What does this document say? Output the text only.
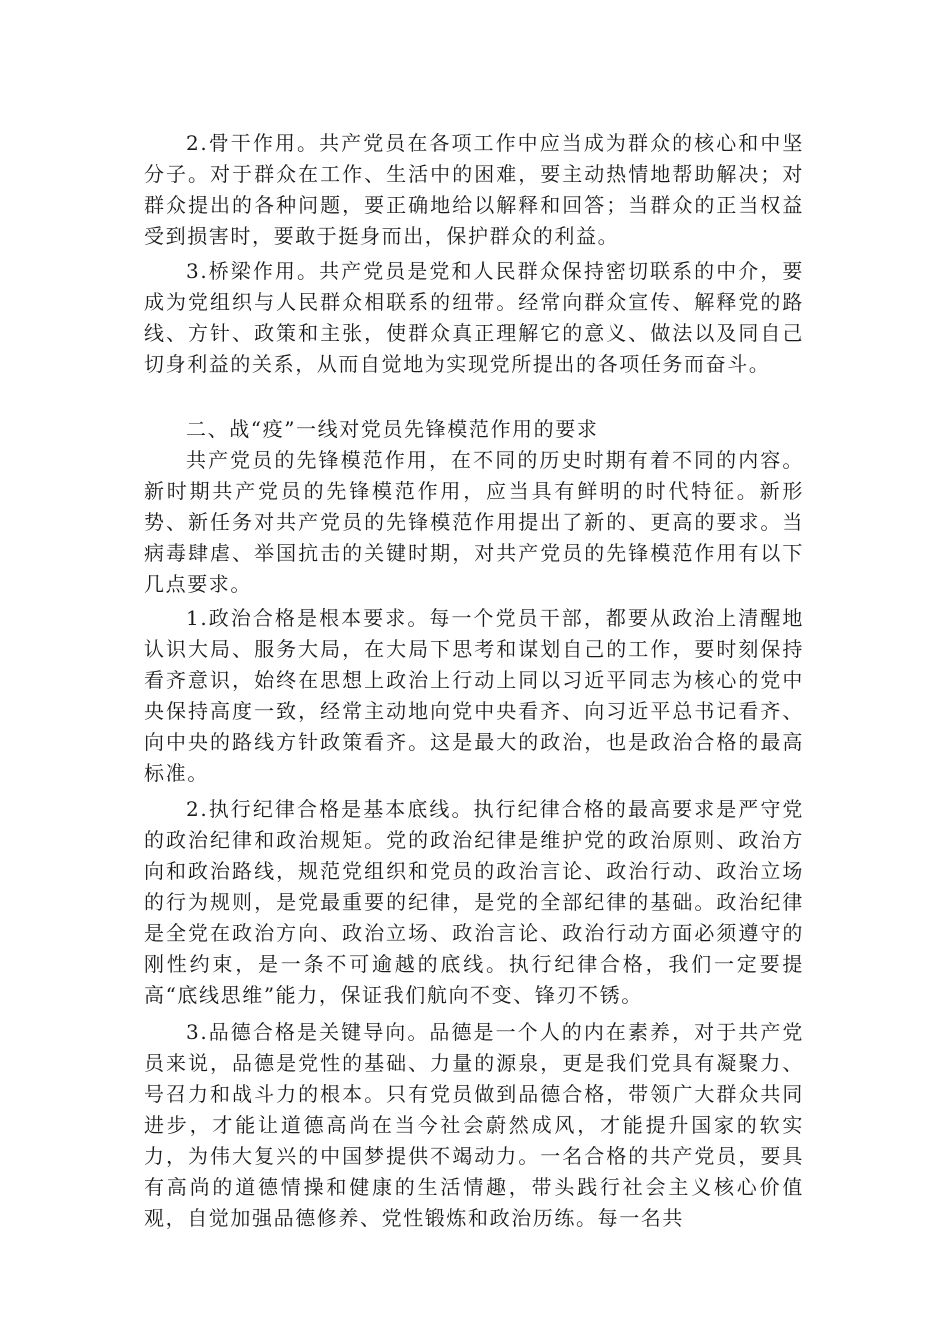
2.骨干作用。共产党员在各项工作中应当成为群众的核心和中坚分子。对于群众在工作、生活中的困难，要主动热情地帮助解决；对群众提出的各种问题，要正确地给以解释和回答；当群众的正当权益受到损害时，要敢于挺身而出，保护群众的利益。

3.桥梁作用。共产党员是党和人民群众保持密切联系的中介，要成为党组织与人民群众相联系的纽带。经常向群众宣传、解释党的路线、方针、政策和主张，使群众真正理解它的意义、做法以及同自己切身利益的关系，从而自觉地为实现党所提出的各项任务而奋斗。

二、战“疫”一线对党员先锋模范作用的要求

共产党员的先锋模范作用，在不同的历史时期有着不同的内容。新时期共产党员的先锋模范作用，应当具有鲜明的时代特征。新形势、新任务对共产党员的先锋模范作用提出了新的、更高的要求。当病毒肆虐、举国抗击的关键时期，对共产党员的先锋模范作用有以下几点要求。

1.政治合格是根本要求。每一个党员干部，都要从政治上清醒地认识大局、服务大局，在大局下思考和谋划自己的工作，要时刻保持看齐意识，始终在思想上政治上行动上同以习近平同志为核心的党中央保持高度一致，经常主动地向党中央看齐、向习近平总书记看齐、向中央的路线方针政策看齐。这是最大的政治，也是政治合格的最高标准。

2.执行纪律合格是基本底线。执行纪律合格的最高要求是严守党的政治纪律和政治规矩。党的政治纪律是维护党的政治原则、政治方向和政治路线，规范党组织和党员的政治言论、政治行动、政治立场的行为规则，是党最重要的纪律，是党的全部纪律的基础。政治纪律是全党在政治方向、政治立场、政治言论、政治行动方面必须遵守的刚性约束，是一条不可逾越的底线。执行纪律合格，我们一定要提高“底线思维”能力，保证我们航向不变、锋刃不锈。

3.品德合格是关键导向。品德是一个人的内在素养，对于共产党员来说，品德是党性的基础、力量的源泉，更是我们党具有凝聚力、号召力和战斗力的根本。只有党员做到品德合格，带领广大群众共同进步，才能让道德高尚在当今社会蔚然成风，才能提升国家的软实力，为伟大复兴的中国梦提供不竭动力。一名合格的共产党员，要具有高尚的道德情操和健康的生活情趣，带头践行社会主义核心价值观，自觉加强品德修养、党性锻炼和政治历练。每一名共
